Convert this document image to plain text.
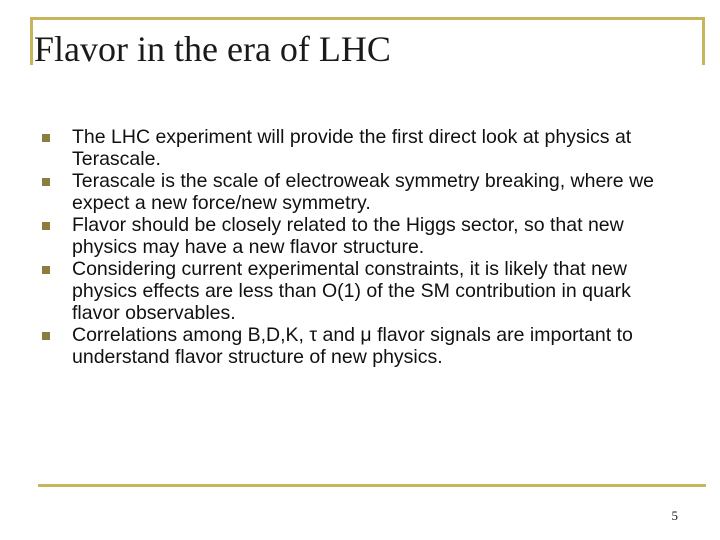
Flavor in the era of LHC
The LHC experiment will provide the first direct look at physics at Terascale.
Terascale is the scale of electroweak symmetry breaking, where we expect a new force/new symmetry.
Flavor should be closely related to the Higgs sector, so that new physics may have a new flavor structure.
Considering current experimental constraints, it is likely that new physics effects are less than O(1) of the SM contribution in quark flavor observables.
Correlations among B,D,K, τ and μ flavor signals are important to understand flavor structure of new physics.
5
